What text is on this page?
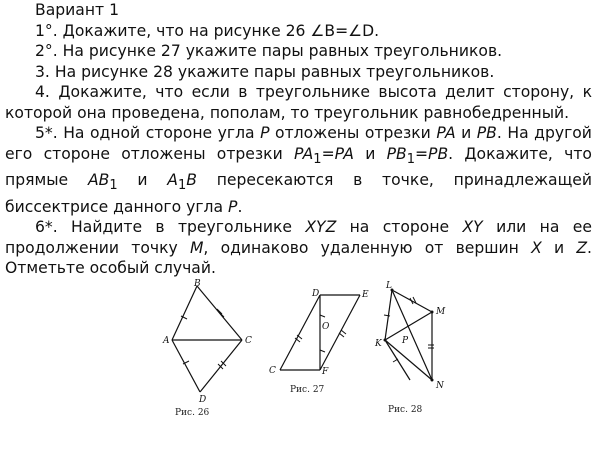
Вариант 1

1°. Докажите, что на рисунке 26 ∠B=∠D.

2°. На рисунке 27 укажите пары равных треугольников.

3. На рисунке 28 укажите пары равных треугольников.

4. Докажите, что если в треугольнике высота делит сторону, к которой она проведена, пополам, то треугольник равнобедренный.

5*. На одной стороне угла P отложены отрезки PA и PB. На другой его стороне отложены отрезки $PA_1=PA$ и $PB_1=PB$. Докажите, что прямые $AB_1$ и $A_1B$ пересекаются в точке, принадлежащей биссектрисе данного угла P.

6*. Найдите в треугольнике XYZ на стороне XY или на ее продолжении точку M, одинаково удаленную от вершин X и Z. Отметьте особый случай.

B
A	C
D
Рис. 26
D	E
O
C	F
Рис. 27
L
M
K P
N
Рис. 28
